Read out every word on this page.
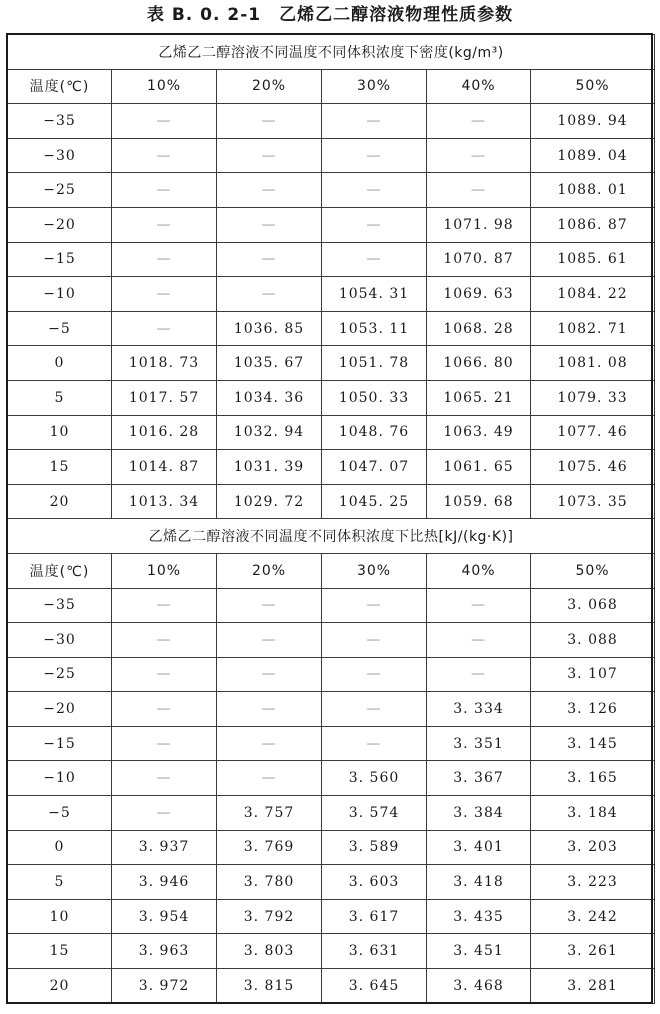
表 B. 0. 2-1 乙烯乙二醇溶液物理性质参数
乙烯乙二醇溶液不同温度不同体积浓度下密度(kg/m³)					
温度(℃)	10%	20%	30%	40%	50%
−35	—	—	—	—	1089. 94
−30	—	—	—	—	1089. 04
−25	—	—	—	—	1088. 01
−20	—	—	—	1071. 98	1086. 87
−15	—	—	—	1070. 87	1085. 61
−10	—	—	1054. 31	1069. 63	1084. 22
−5	—	1036. 85	1053. 11	1068. 28	1082. 71
0	1018. 73	1035. 67	1051. 78	1066. 80	1081. 08
5	1017. 57	1034. 36	1050. 33	1065. 21	1079. 33
10	1016. 28	1032. 94	1048. 76	1063. 49	1077. 46
15	1014. 87	1031. 39	1047. 07	1061. 65	1075. 46
20	1013. 34	1029. 72	1045. 25	1059. 68	1073. 35
乙烯乙二醇溶液不同温度不同体积浓度下比热[kJ/(kg·K)]					
温度(℃)	10%	20%	30%	40%	50%
−35	—	—	—	—	3. 068
−30	—	—	—	—	3. 088
−25	—	—	—	—	3. 107
−20	—	—	—	3. 334	3. 126
−15	—	—	—	3. 351	3. 145
−10	—	—	3. 560	3. 367	3. 165
−5	—	3. 757	3. 574	3. 384	3. 184
0	3. 937	3. 769	3. 589	3. 401	3. 203
5	3. 946	3. 780	3. 603	3. 418	3. 223
10	3. 954	3. 792	3. 617	3. 435	3. 242
15	3. 963	3. 803	3. 631	3. 451	3. 261
20	3. 972	3. 815	3. 645	3. 468	3. 281
